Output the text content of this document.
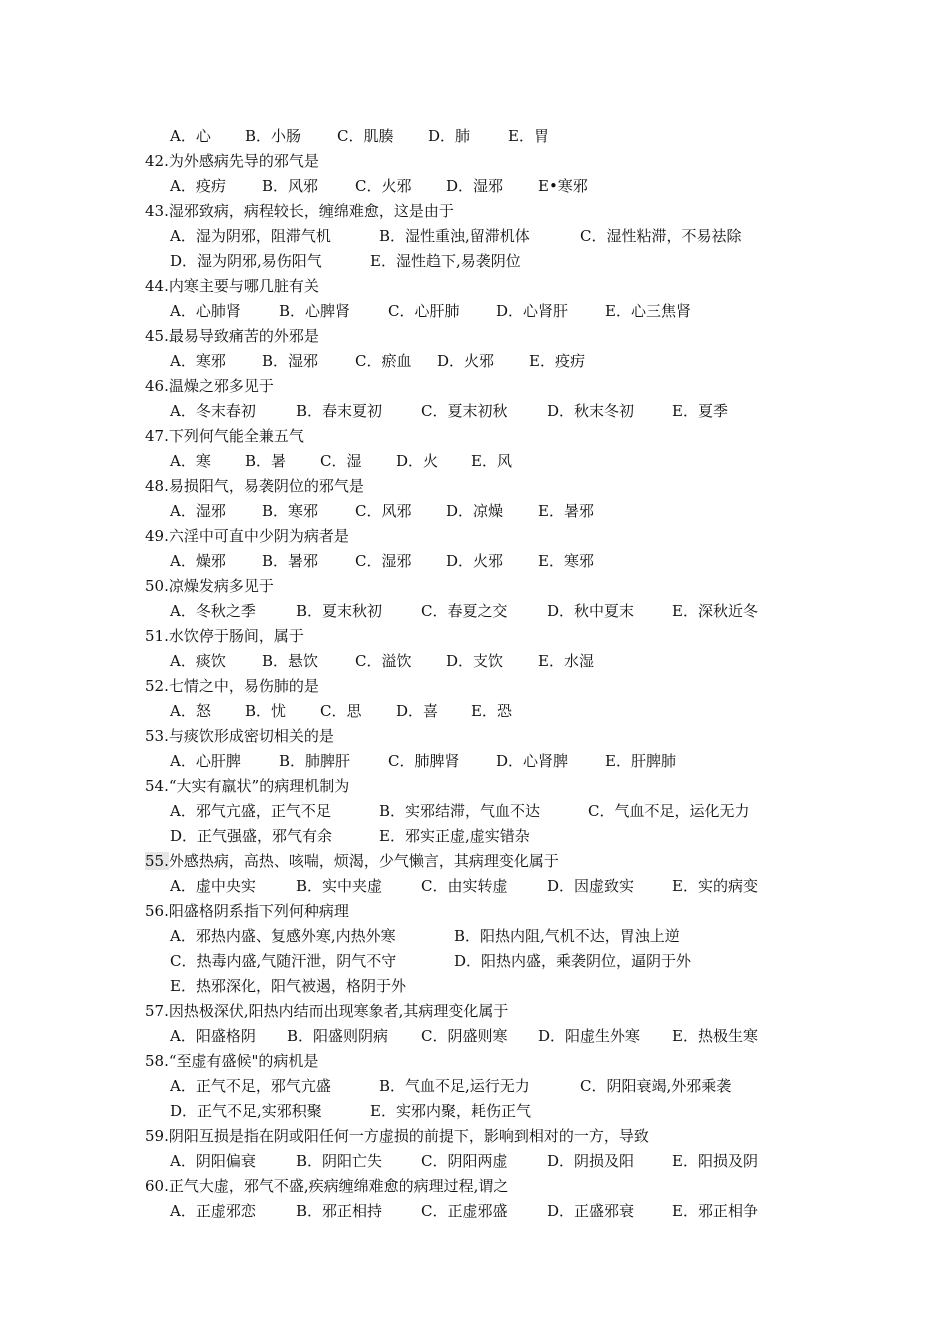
A．心 B．小肠 C．肌腠 D．肺	E．胃
42.为外感病先导的邪气是
A．疫疠 B．风邪 C．火邪 D．湿邪 E•寒邪
43.湿邪致病，病程较长，缠绵难愈，这是由于
A．湿为阴邪，阻滞气机	B．湿性重浊,留滞机体	C．湿性粘滞，不易祛除
D．湿为阴邪,易伤阳气	E．湿性趋下,易袭阴位
44.内寒主要与哪几脏有关
A．心肺肾	B．心脾肾	C．心肝肺 D．心肾肝 E．心三焦肾
45.最易导致痛苦的外邪是
A．寒邪 B．湿邪 C．瘀血 D．火邪 E．疫疠
46.温燥之邪多见于
A．冬末春初	B．春末夏初	C．夏末初秋	D．秋末冬初	E．夏季
47.下列何气能全兼五气
A．寒 B．暑 C．湿 D．火 E．风
48.易损阳气，易袭阴位的邪气是
A．湿邪 B．寒邪 C．风邪 D．凉燥 E．暑邪
49.六淫中可直中少阴为病者是
A．燥邪 B．暑邪 C．湿邪 D．火邪 E．寒邪
50.凉燥发病多见于
A．冬秋之季	B．夏末秋初	C．春夏之交	D．秋中夏末	E．深秋近冬
51.水饮停于肠间，属于
A．痰饮 B．悬饮 C．溢饮 D．支饮 E．水湿
52.七情之中，易伤肺的是
A．怒 B．忧 C．思 D．喜 E．恐
53.与痰饮形成密切相关的是
A．心肝脾	B．肺脾肝	C．肺脾肾 D．心肾脾 E．肝脾肺
54.“大实有羸状”的病理机制为
A．邪气亢盛，正气不足	B．实邪结滞，气血不达	C．气血不足，运化无力
D．正气强盛，邪气有余	E．邪实正虚,虚实错杂
55.外感热病，高热、咳喘，烦渴，少气懒言，其病理变化属于
A．虚中央实	B．实中夹虚	C．由实转虚	D．因虚致实	E．实的病变
56.阳盛格阴系指下列何种病理
A．邪热内盛、复感外寒,内热外寒	B．阳热内阻,气机不达，胃浊上逆
C．热毒内盛,气随汗泄，阴气不守	D．阳热内盛，乘袭阴位，逼阴于外
E．热邪深化，阳气被遏，格阴于外
57.因热极深伏,阳热内结而出现寒象者,其病理变化属于
A．阳盛格阴 B．阳盛则阴病 C．阴盛则寒 D．阳虚生外寒 E．热极生寒
58.“至虚有盛候"的病机是
A．正气不足，邪气亢盛	B．气血不足,运行无力	C．阴阳衰竭,外邪乘袭
D．正气不足,实邪积聚	E．实邪内聚，耗伤正气
59.阴阳互损是指在阴或阳任何一方虚损的前提下，影响到相对的一方，导致
A．阴阳偏衰	B．阴阳亡失	C．阴阳两虚	D．阴损及阳	E．阳损及阴
60.正气大虚，邪气不盛,疾病缠绵难愈的病理过程,谓之
A．正虚邪恋	B．邪正相持	C．正虚邪盛	D．正盛邪衰	E．邪正相争
